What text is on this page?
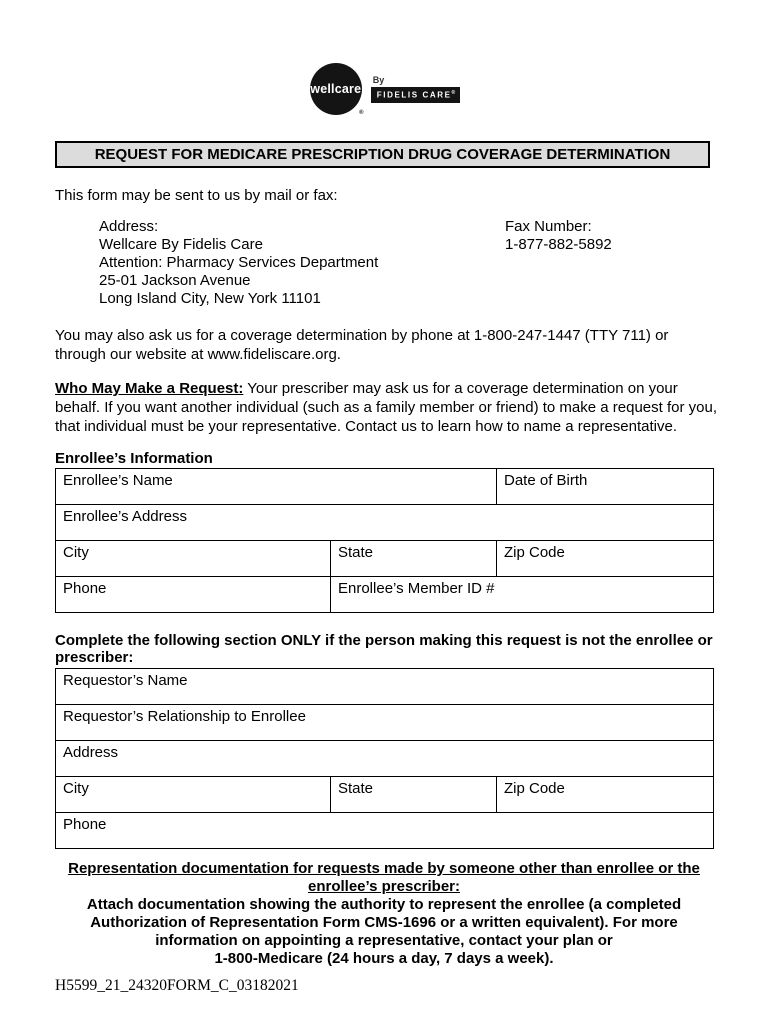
wellcare
®
By
FIDELIS CARE®
REQUEST FOR MEDICARE PRESCRIPTION DRUG COVERAGE DETERMINATION
This form may be sent to us by mail or fax:
Address:
Wellcare By Fidelis Care
Attention: Pharmacy Services Department
25-01 Jackson Avenue
Long Island City, New York 11101
Fax Number:
1-877-882-5892
You may also ask us for a coverage determination by phone at 1-800-247-1447 (TTY 711) or through our website at www.fideliscare.org.
Who May Make a Request: Your prescriber may ask us for a coverage determination on your behalf. If you want another individual (such as a family member or friend) to make a request for you, that individual must be your representative. Contact us to learn how to name a representative.
Enrollee’s Information
Enrollee’s Name		Date of Birth
Enrollee’s Address		
City	State	Zip Code
Phone	Enrollee’s Member ID #	
Complete the following section ONLY if the person making this request is not the enrollee or prescriber:
Requestor’s Name
Requestor’s Relationship to Enrollee
Address
City	State	Zip Code
Phone
Representation documentation for requests made by someone other than enrollee or the
enrollee’s prescriber:
Attach documentation showing the authority to represent the enrollee (a completed
Authorization of Representation Form CMS-1696 or a written equivalent). For more
information on appointing a representative, contact your plan or
1-800-Medicare (24 hours a day, 7 days a week).
H5599_21_24320FORM_C_03182021
